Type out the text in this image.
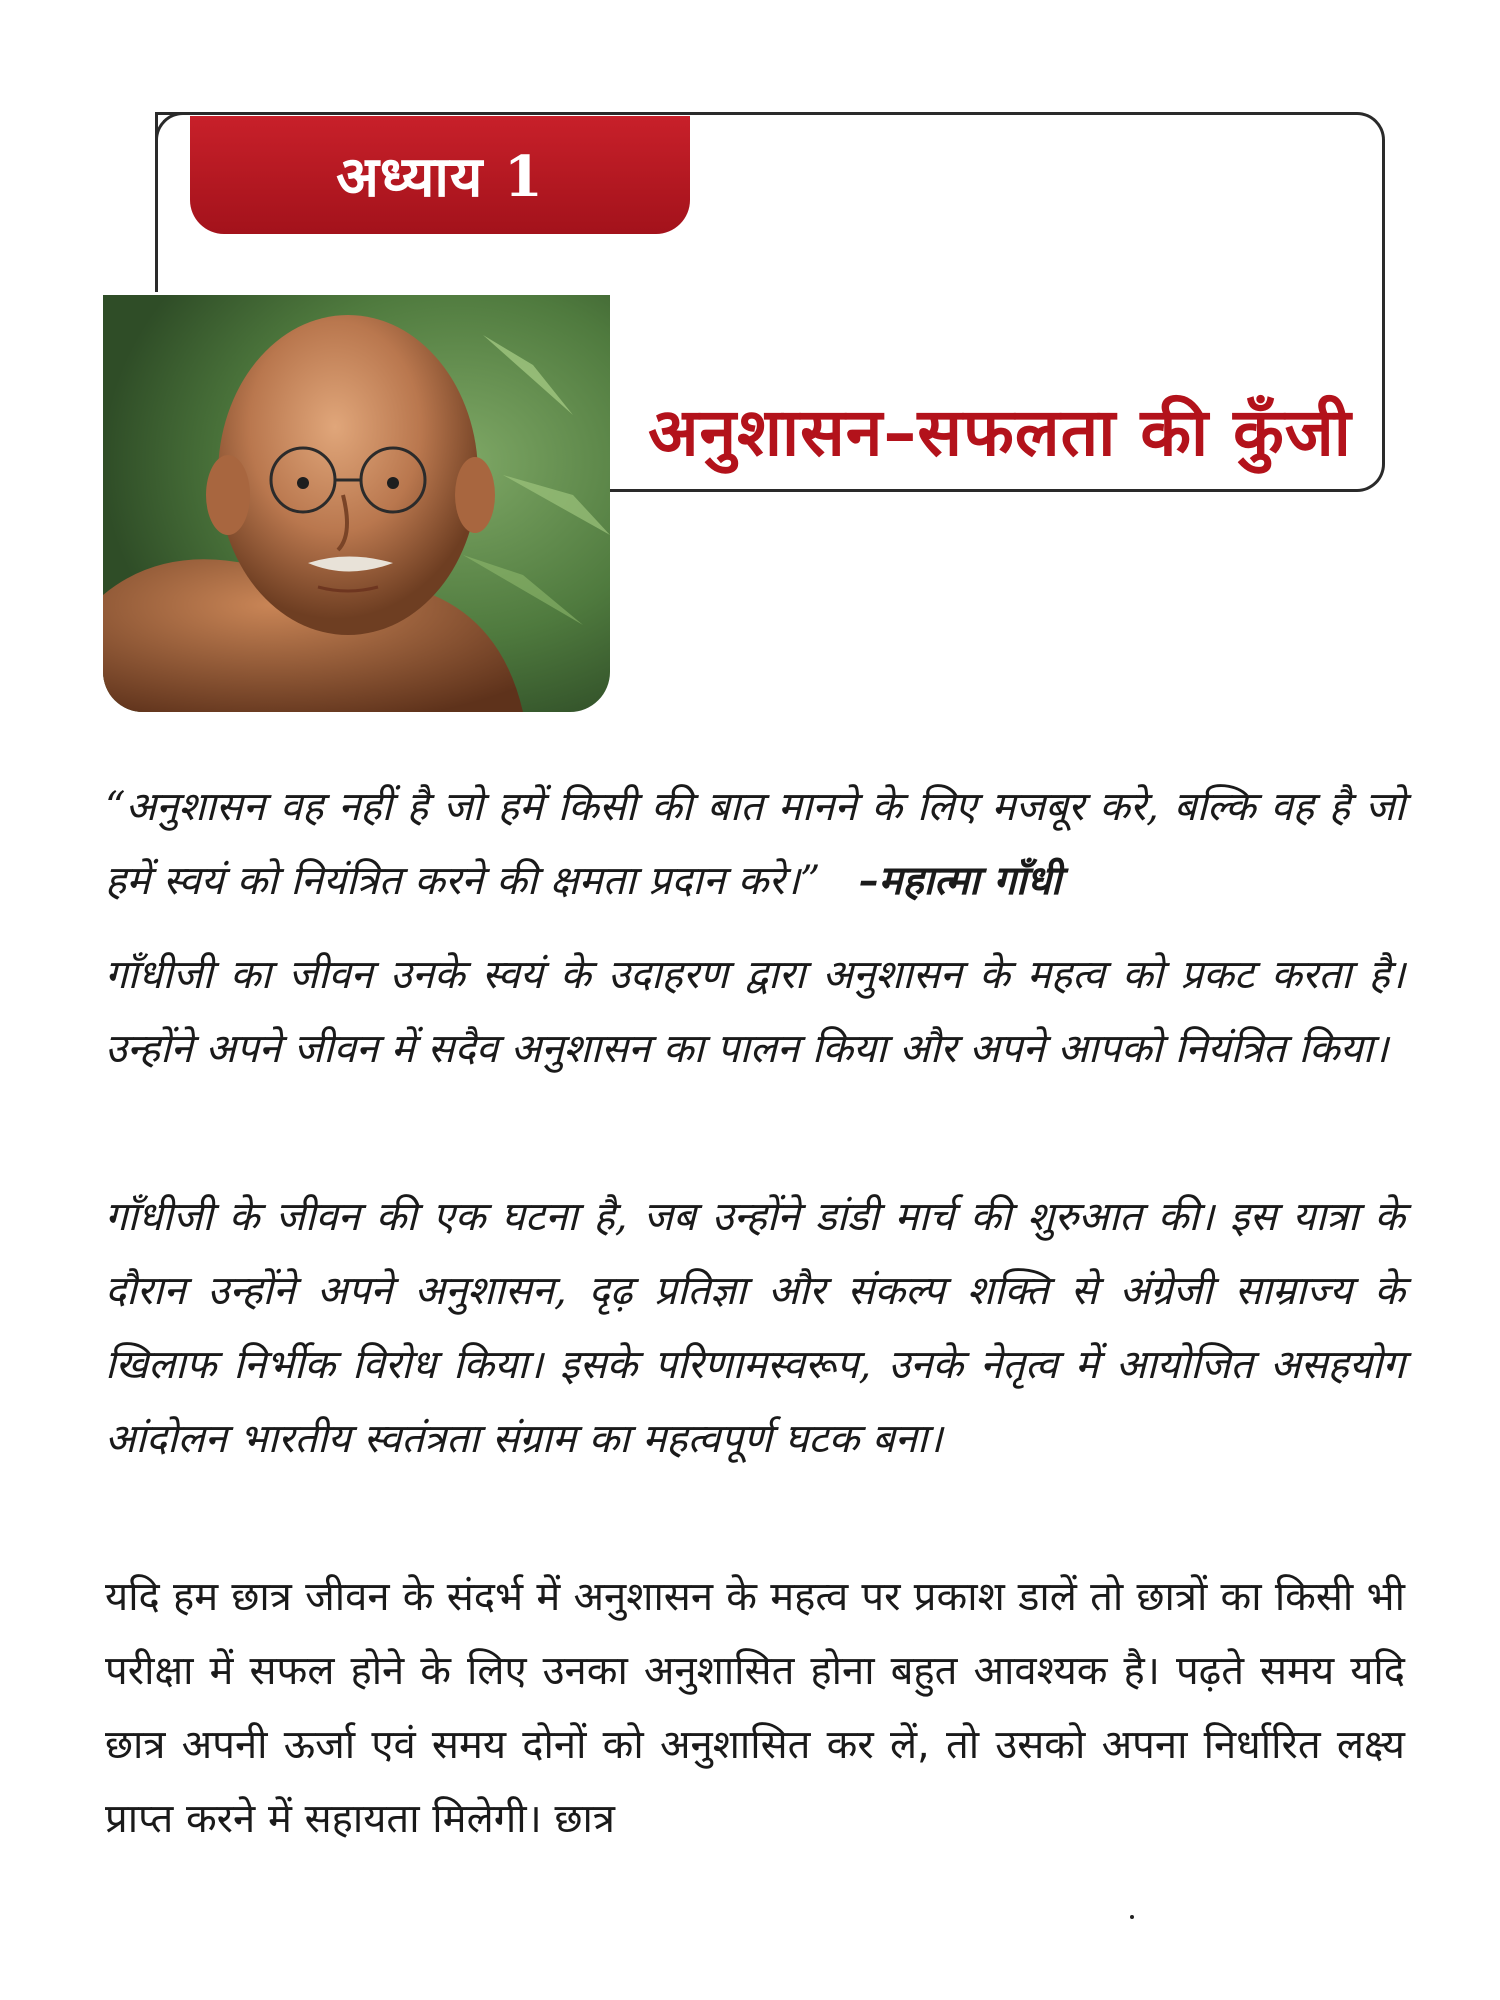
अध्याय 1
अनुशासन–सफलता की कुँजी
“अनुशासन वह नहीं है जो हमें किसी की बात मानने के लिए मजबूर करे, बल्कि वह है जो हमें स्वयं को नियंत्रित करने की क्षमता प्रदान करे।” –महात्मा गाँधी
गाँधीजी का जीवन उनके स्वयं के उदाहरण द्वारा अनुशासन के महत्व को प्रकट करता है। उन्होंने अपने जीवन में सदैव अनुशासन का पालन किया और अपने आपको नियंत्रित किया।
गाँधीजी के जीवन की एक घटना है, जब उन्होंने डांडी मार्च की शुरुआत की। इस यात्रा के दौरान उन्होंने अपने अनुशासन, दृढ़ प्रतिज्ञा और संकल्प शक्ति से अंग्रेजी साम्राज्य के खिलाफ निर्भीक विरोध किया। इसके परिणामस्वरूप, उनके नेतृत्व में आयोजित असहयोग आंदोलन भारतीय स्वतंत्रता संग्राम का महत्वपूर्ण घटक बना।
यदि हम छात्र जीवन के संदर्भ में अनुशासन के महत्व पर प्रकाश डालें तो छात्रों का किसी भी परीक्षा में सफल होने के लिए उनका अनुशासित होना बहुत आवश्यक है। पढ़ते समय यदि छात्र अपनी ऊर्जा एवं समय दोनों को अनुशासित कर लें, तो उसको अपना निर्धारित लक्ष्य प्राप्त करने में सहायता मिलेगी। छात्र
